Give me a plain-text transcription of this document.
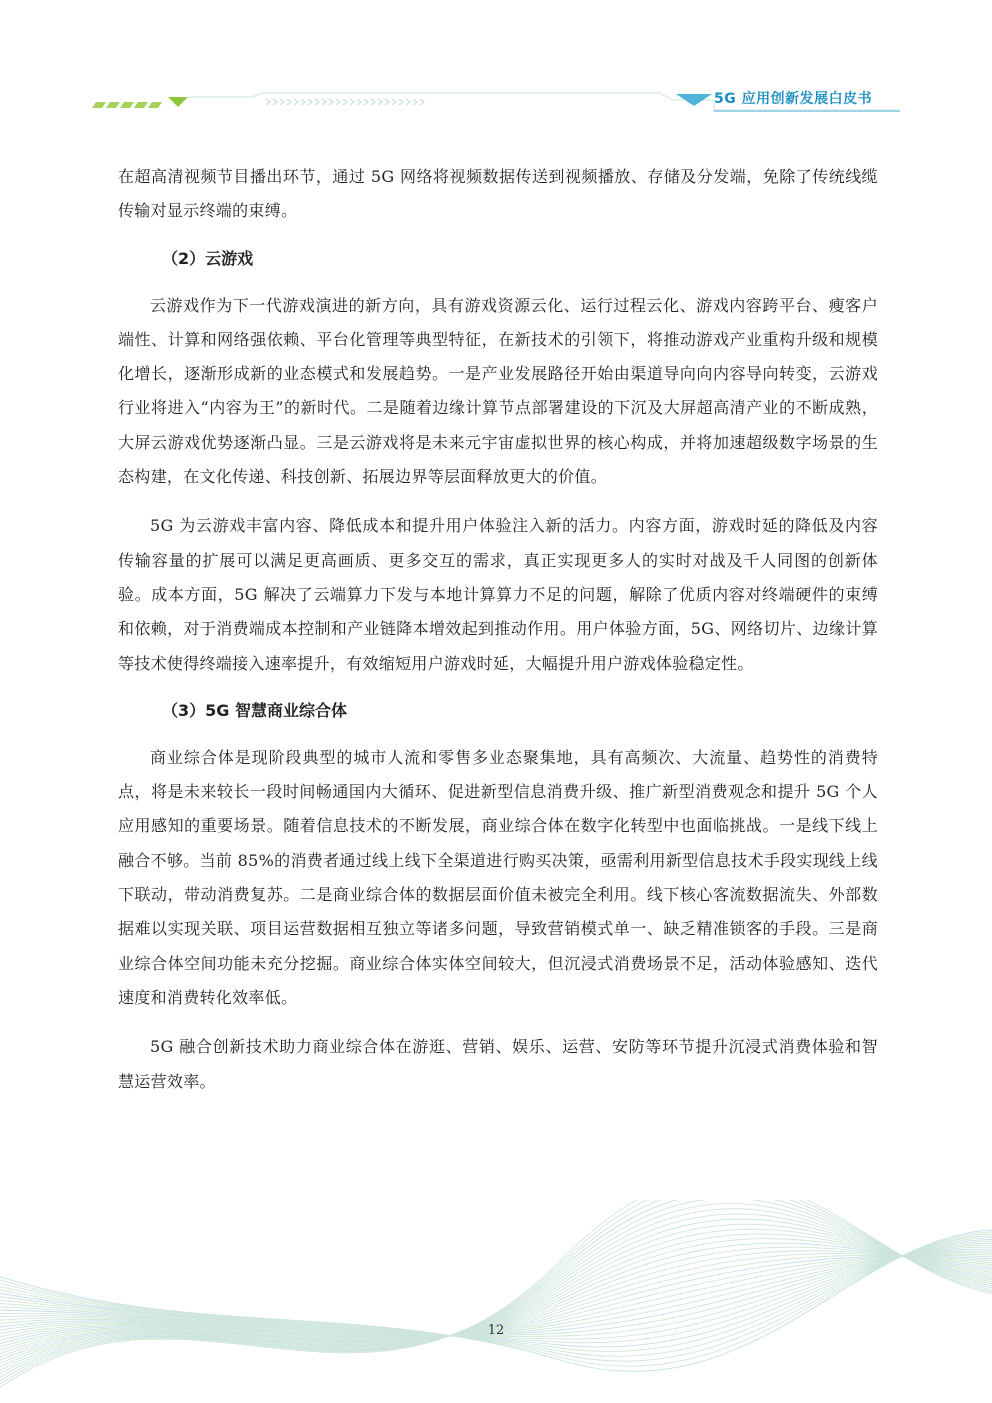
5G 应用创新发展白皮书

在超高清视频节目播出环节，通过 5G 网络将视频数据传送到视频播放、存储及分发端，免除了传统线缆传输对显示终端的束缚。

（2）云游戏

云游戏作为下一代游戏演进的新方向，具有游戏资源云化、运行过程云化、游戏内容跨平台、瘦客户端性、计算和网络强依赖、平台化管理等典型特征，在新技术的引领下，将推动游戏产业重构升级和规模化增长，逐渐形成新的业态模式和发展趋势。一是产业发展路径开始由渠道导向向内容导向转变，云游戏行业将进入“内容为王”的新时代。二是随着边缘计算节点部署建设的下沉及大屏超高清产业的不断成熟，大屏云游戏优势逐渐凸显。三是云游戏将是未来元宇宙虚拟世界的核心构成，并将加速超级数字场景的生态构建，在文化传递、科技创新、拓展边界等层面释放更大的价值。

5G 为云游戏丰富内容、降低成本和提升用户体验注入新的活力。内容方面，游戏时延的降低及内容传输容量的扩展可以满足更高画质、更多交互的需求，真正实现更多人的实时对战及千人同图的创新体验。成本方面，5G 解决了云端算力下发与本地计算算力不足的问题，解除了优质内容对终端硬件的束缚和依赖，对于消费端成本控制和产业链降本增效起到推动作用。用户体验方面，5G、网络切片、边缘计算等技术使得终端接入速率提升，有效缩短用户游戏时延，大幅提升用户游戏体验稳定性。

（3）5G 智慧商业综合体

商业综合体是现阶段典型的城市人流和零售多业态聚集地，具有高频次、大流量、趋势性的消费特点，将是未来较长一段时间畅通国内大循环、促进新型信息消费升级、推广新型消费观念和提升 5G 个人应用感知的重要场景。随着信息技术的不断发展，商业综合体在数字化转型中也面临挑战。一是线下线上融合不够。当前 85%的消费者通过线上线下全渠道进行购买决策，亟需利用新型信息技术手段实现线上线下联动，带动消费复苏。二是商业综合体的数据层面价值未被完全利用。线下核心客流数据流失、外部数据难以实现关联、项目运营数据相互独立等诸多问题，导致营销模式单一、缺乏精准锁客的手段。三是商业综合体空间功能未充分挖掘。商业综合体实体空间较大，但沉浸式消费场景不足，活动体验感知、迭代速度和消费转化效率低。

5G 融合创新技术助力商业综合体在游逛、营销、娱乐、运营、安防等环节提升沉浸式消费体验和智慧运营效率。

12
